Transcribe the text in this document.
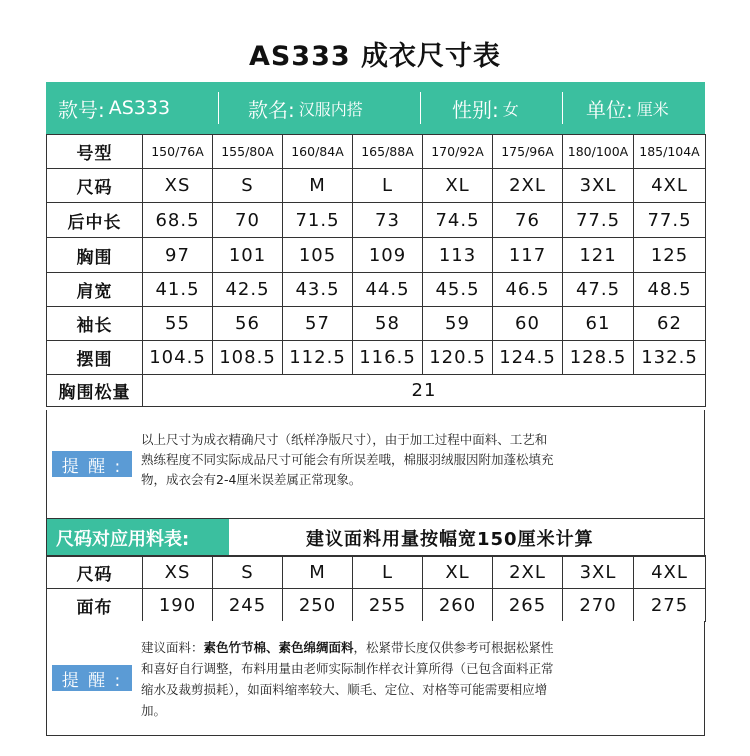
AS333 成衣尺寸表
款号: AS333	款名: 汉服内搭	性别: 女	单位: 厘米
号型	150/76A	155/80A	160/84A	165/88A	170/92A	175/96A	180/100A	185/104A
尺码	XS	S	M	L	XL	2XL	3XL	4XL
后中长	68.5	70	71.5	73	74.5	76	77.5	77.5
胸围	97	101	105	109	113	117	121	125
肩宽	41.5	42.5	43.5	44.5	45.5	46.5	47.5	48.5
袖长	55	56	57	58	59	60	61	62
摆围	104.5	108.5	112.5	116.5	120.5	124.5	128.5	132.5
胸围松量	21							
提 醒 :
以上尺寸为成衣精确尺寸（纸样净版尺寸），由于加工过程中面料、工艺和
熟练程度不同实际成品尺寸可能会有所误差哦，棉服羽绒服因附加蓬松填充
物，成衣会有2-4厘米误差属正常现象。
尺码对应用料表:	建议面料用量按幅宽150厘米计算
尺码	XS	S	M	L	XL	2XL	3XL	4XL
面布	190	245	250	255	260	265	270	275
提 醒 :
建议面料：素色竹节棉、素色绵绸面料，松紧带长度仅供参考可根据松紧性
和喜好自行调整，布料用量由老师实际制作样衣计算所得（已包含面料正常
缩水及裁剪损耗），如面料缩率较大、顺毛、定位、对格等可能需要相应增
加。
